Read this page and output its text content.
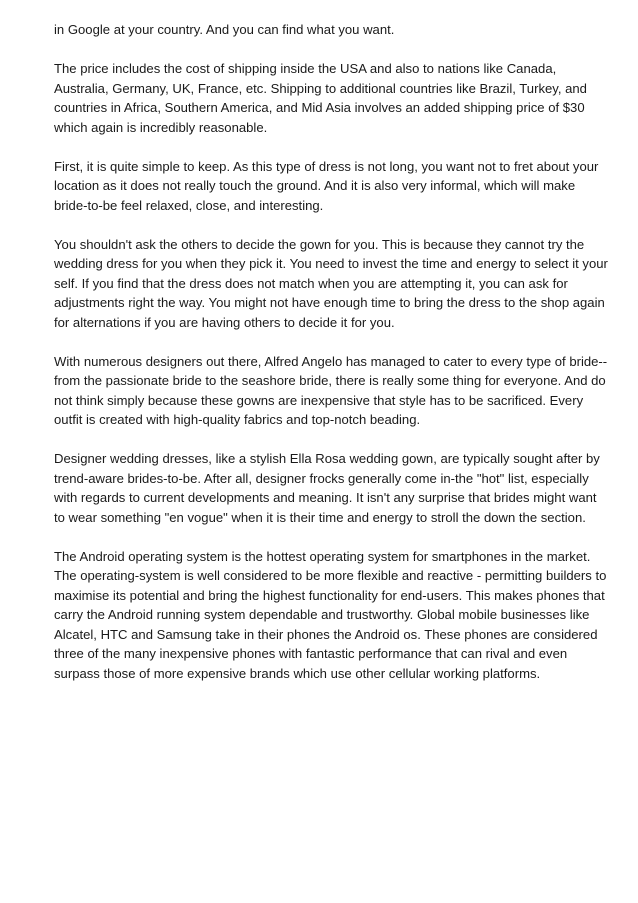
in Google at your country. And you can find what you want.

The price includes the cost of shipping inside the USA and also to nations like Canada, Australia, Germany, UK, France, etc. Shipping to additional countries like Brazil, Turkey, and countries in Africa, Southern America, and Mid Asia involves an added shipping price of $30 which again is incredibly reasonable.

First, it is quite simple to keep. As this type of dress is not long, you want not to fret about your location as it does not really touch the ground. And it is also very informal, which will make bride-to-be feel relaxed, close, and interesting.

You shouldn't ask the others to decide the gown for you. This is because they cannot try the wedding dress for you when they pick it. You need to invest the time and energy to select it your self. If you find that the dress does not match when you are attempting it, you can ask for adjustments right the way. You might not have enough time to bring the dress to the shop again for alternations if you are having others to decide it for you.

With numerous designers out there, Alfred Angelo has managed to cater to every type of bride--from the passionate bride to the seashore bride, there is really some thing for everyone. And do not think simply because these gowns are inexpensive that style has to be sacrificed. Every outfit is created with high-quality fabrics and top-notch beading.

Designer wedding dresses, like a stylish Ella Rosa wedding gown, are typically sought after by trend-aware brides-to-be. After all, designer frocks generally come in-the "hot" list, especially with regards to current developments and meaning. It isn't any surprise that brides might want to wear something "en vogue" when it is their time and energy to stroll the down the section.

The Android operating system is the hottest operating system for smartphones in the market. The operating-system is well considered to be more flexible and reactive - permitting builders to maximise its potential and bring the highest functionality for end-users. This makes phones that carry the Android running system dependable and trustworthy. Global mobile businesses like Alcatel, HTC and Samsung take in their phones the Android os. These phones are considered three of the many inexpensive phones with fantastic performance that can rival and even surpass those of more expensive brands which use other cellular working platforms.
